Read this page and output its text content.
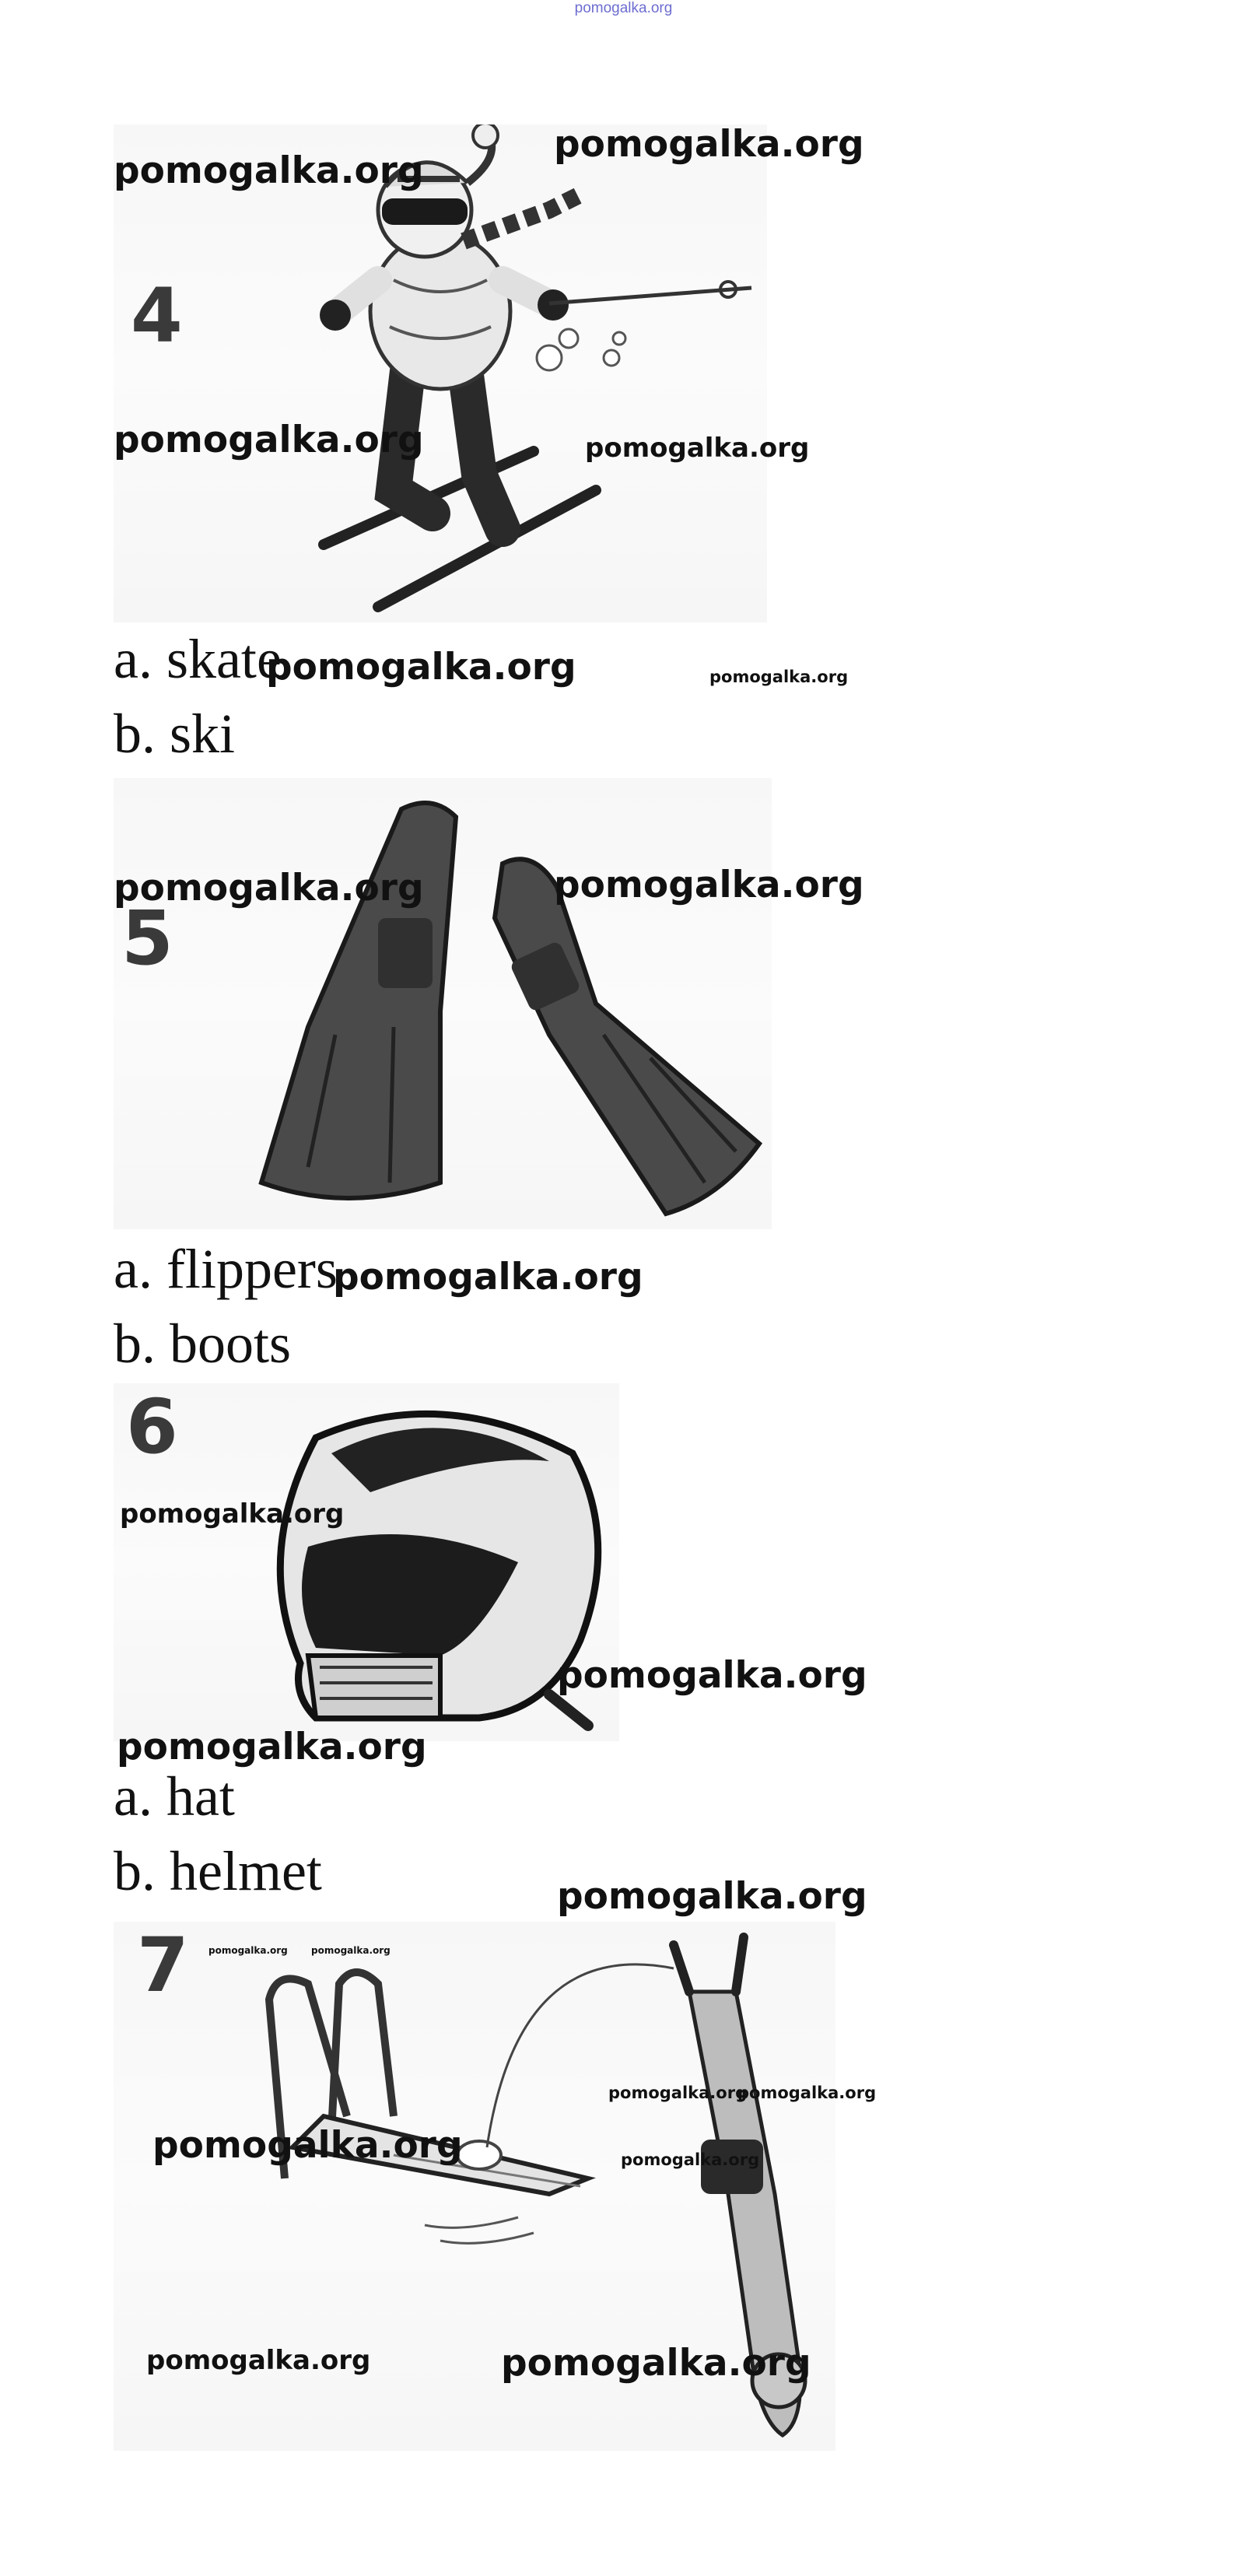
pomogalka.org
4
pomogalka.org
pomogalka.org
pomogalka.org	pomogalka.org
a. skate
pomogalka.org	pomogalka.org
b. ski
5
pomogalka.org	pomogalka.org
a. flippers
pomogalka.org
b. boots
6
pomogalka.org
pomogalka.org
pomogalka.org
a. hat
b. helmet	pomogalka.org
7 pomogalka.org	pomogalka.org
pomogalka.org
pomogalka.org
pomogalka.org
pomogalka.org
pomogalka.org	pomogalka.org
